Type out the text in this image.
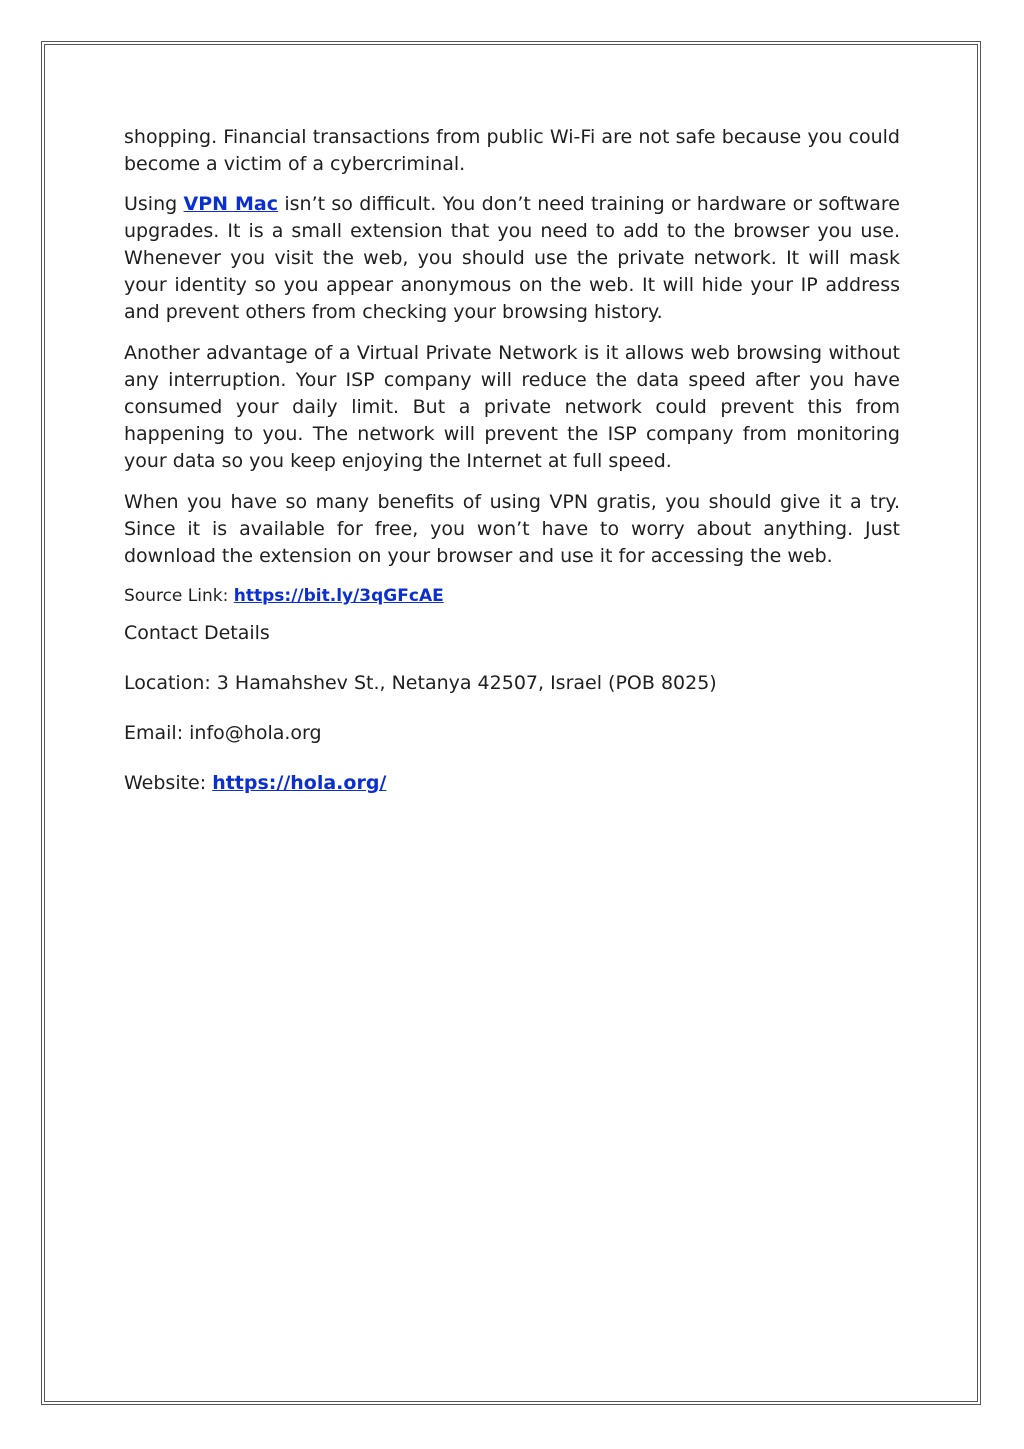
shopping. Financial transactions from public Wi-Fi are not safe because you could become a victim of a cybercriminal.

Using VPN Mac isn’t so difficult. You don’t need training or hardware or software upgrades. It is a small extension that you need to add to the browser you use. Whenever you visit the web, you should use the private network. It will mask your identity so you appear anonymous on the web. It will hide your IP address and prevent others from checking your browsing history.

Another advantage of a Virtual Private Network is it allows web browsing without any interruption. Your ISP company will reduce the data speed after you have consumed your daily limit. But a private network could prevent this from happening to you. The network will prevent the ISP company from monitoring your data so you keep enjoying the Internet at full speed.

When you have so many benefits of using VPN gratis, you should give it a try. Since it is available for free, you won’t have to worry about anything. Just download the extension on your browser and use it for accessing the web.

Source Link: https://bit.ly/3qGFcAE
Contact Details
Location: 3 Hamahshev St., Netanya 42507, Israel (POB 8025)
Email: info@hola.org
Website: https://hola.org/
